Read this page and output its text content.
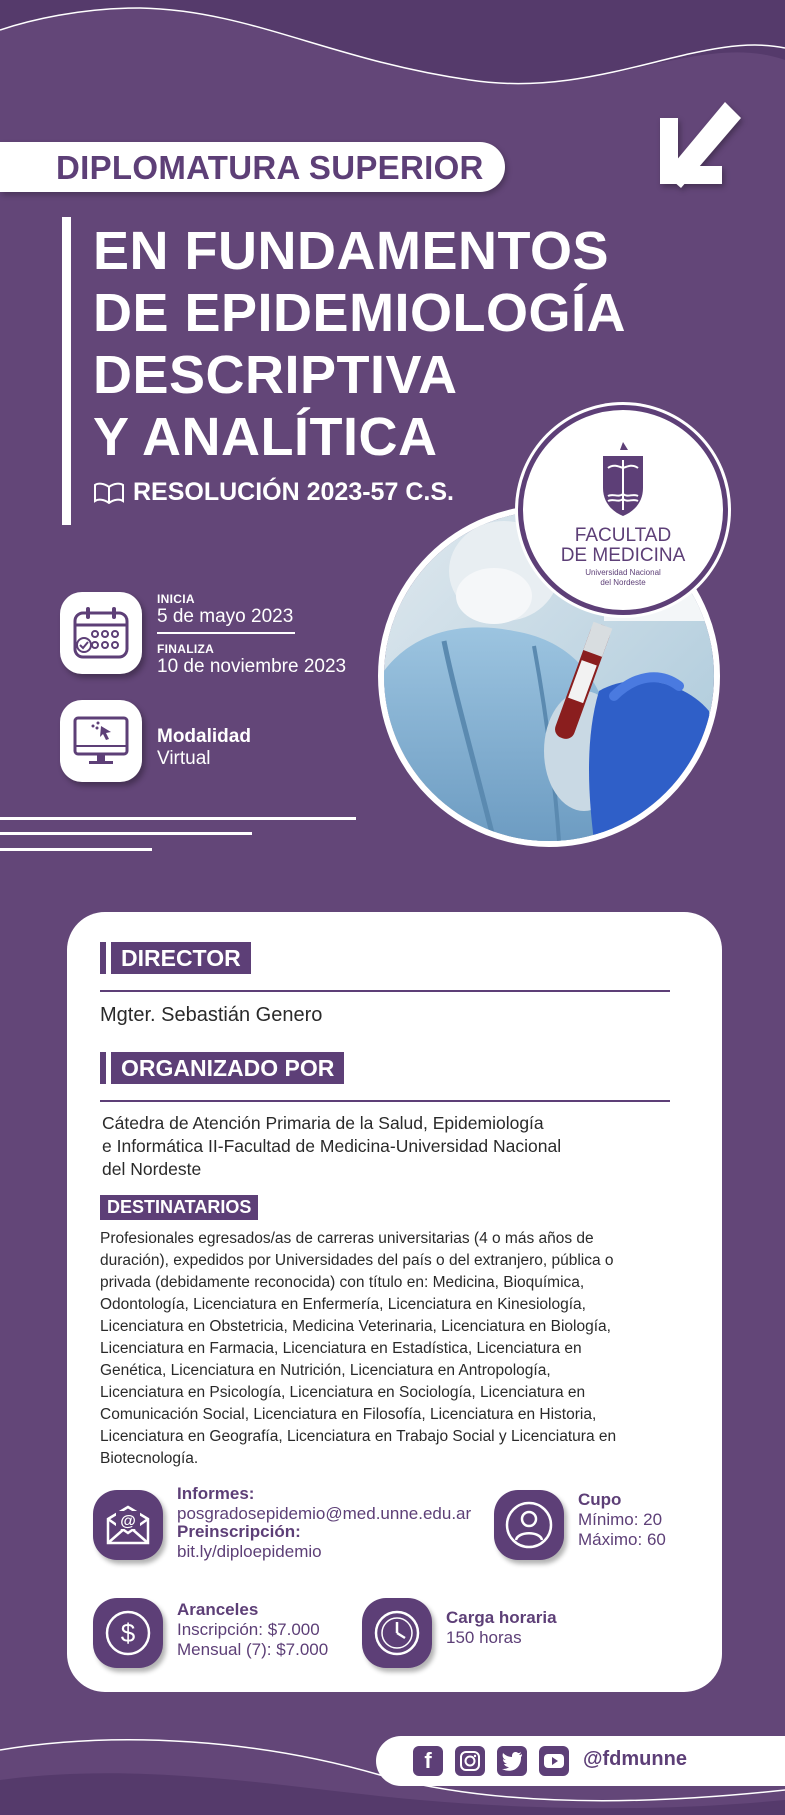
DIPLOMATURA SUPERIOR
EN FUNDAMENTOS
DE EPIDEMIOLOGÍA
DESCRIPTIVA
Y ANALÍTICA
RESOLUCIÓN 2023-57 C.S.
INICIA
5 de mayo 2023
FINALIZA
10 de noviembre 2023
Modalidad
Virtual
FACULTAD
DE MEDICINA
Universidad Nacional
del Nordeste
DIRECTOR
Mgter. Sebastián Genero
ORGANIZADO POR
Cátedra de Atención Primaria de la Salud, Epidemiología
e Informática II-Facultad de Medicina-Universidad Nacional
del Nordeste
DESTINATARIOS
Profesionales egresados/as de carreras universitarias (4 o más años de
duración), expedidos por Universidades del país o del extranjero, pública o
privada (debidamente reconocida) con título en: Medicina, Bioquímica,
Odontología, Licenciatura en Enfermería, Licenciatura en Kinesiología,
Licenciatura en Obstetricia, Medicina Veterinaria, Licenciatura en Biología,
Licenciatura en Farmacia, Licenciatura en Estadística, Licenciatura en
Genética, Licenciatura en Nutrición, Licenciatura en Antropología,
Licenciatura en Psicología, Licenciatura en Sociología, Licenciatura en
Comunicación Social, Licenciatura en Filosofía, Licenciatura en Historia,
Licenciatura en Geografía, Licenciatura en Trabajo Social y Licenciatura en
Biotecnología.
@
Informes:
posgradosepidemio@med.unne.edu.ar
Preinscripción:
bit.ly/diploepidemio
Cupo
Mínimo: 20
Máximo: 60
$
Aranceles
Inscripción: $7.000
Mensual (7): $7.000
Carga horaria
150 horas
f	@fdmunne
